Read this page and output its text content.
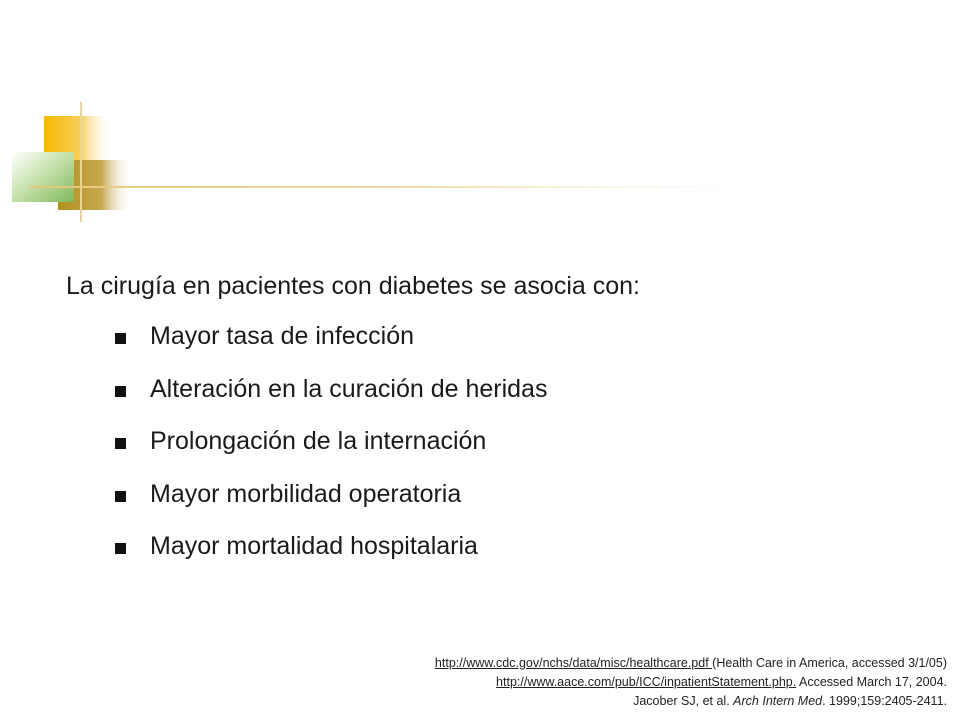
La cirugía en pacientes con diabetes se asocia con:
Mayor tasa de infección
Alteración en la curación de heridas
Prolongación de la internación
Mayor morbilidad operatoria
Mayor mortalidad hospitalaria
http://www.cdc.gov/nchs/data/misc/healthcare.pdf (Health Care in America, accessed 3/1/05)
http://www.aace.com/pub/ICC/inpatientStatement.php. Accessed March 17, 2004.
Jacober SJ, et al. Arch Intern Med. 1999;159:2405-2411.
